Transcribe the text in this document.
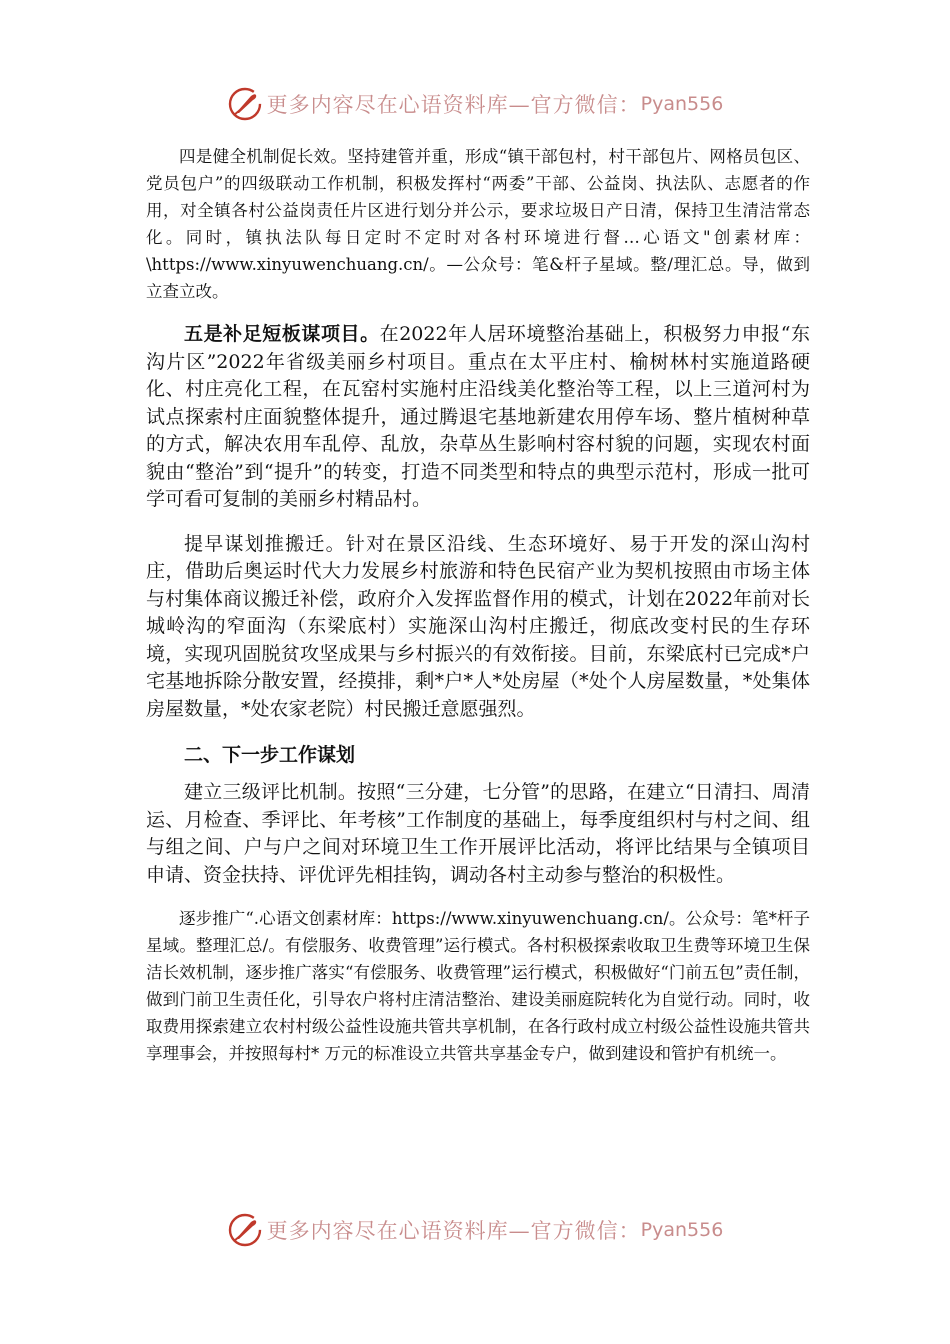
更多内容尽在心语资料库—官方微信： Pyan556

四是健全机制促长效。坚持建管并重，形成“镇干部包村，村干部包片、网格员包区、党员包户”的四级联动工作机制，积极发挥村“两委”干部、公益岗、执法队、志愿者的作用，对全镇各村公益岗责任片区进行划分并公示，要求垃圾日产日清，保持卫生清洁常态化。同时，镇执法队每日定时不定时对各村环境进行督…心语文"创素材库：\https://www.xinyuwenchuang.cn/。—公众号：笔&杆子星域。整/理汇总。导，做到立查立改。

五是补足短板谋项目。在2022年人居环境整治基础上，积极努力申报“东沟片区”2022年省级美丽乡村项目。重点在太平庄村、榆树林村实施道路硬化、村庄亮化工程，在瓦窑村实施村庄沿线美化整治等工程，以上三道河村为试点探索村庄面貌整体提升，通过腾退宅基地新建农用停车场、整片植树种草的方式，解决农用车乱停、乱放，杂草丛生影响村容村貌的问题，实现农村面貌由“整治”到“提升”的转变，打造不同类型和特点的典型示范村，形成一批可学可看可复制的美丽乡村精品村。

提早谋划推搬迁。针对在景区沿线、生态环境好、易于开发的深山沟村庄，借助后奥运时代大力发展乡村旅游和特色民宿产业为契机按照由市场主体与村集体商议搬迁补偿，政府介入发挥监督作用的模式，计划在2022年前对长城岭沟的窄面沟（东梁底村）实施深山沟村庄搬迁，彻底改变村民的生存环境，实现巩固脱贫攻坚成果与乡村振兴的有效衔接。目前，东梁底村已完成*户宅基地拆除分散安置，经摸排，剩*户*人*处房屋（*处个人房屋数量，*处集体房屋数量，*处农家老院）村民搬迁意愿强烈。

二、下一步工作谋划

建立三级评比机制。按照“三分建，七分管”的思路，在建立“日清扫、周清运、月检查、季评比、年考核”工作制度的基础上，每季度组织村与村之间、组与组之间、户与户之间对环境卫生工作开展评比活动，将评比结果与全镇项目申请、资金扶持、评优评先相挂钩，调动各村主动参与整治的积极性。

逐步推广“.心语文创素材库：https://www.xinyuwenchuang.cn/。公众号：笔*杆子星域。整理汇总/。有偿服务、收费管理”运行模式。各村积极探索收取卫生费等环境卫生保洁长效机制，逐步推广落实“有偿服务、收费管理”运行模式，积极做好“门前五包”责任制，做到门前卫生责任化，引导农户将村庄清洁整治、建设美丽庭院转化为自觉行动。同时，收取费用探索建立农村村级公益性设施共管共享机制，在各行政村成立村级公益性设施共管共享理事会，并按照每村* 万元的标准设立共管共享基金专户，做到建设和管护有机统一。

更多内容尽在心语资料库—官方微信： Pyan556
